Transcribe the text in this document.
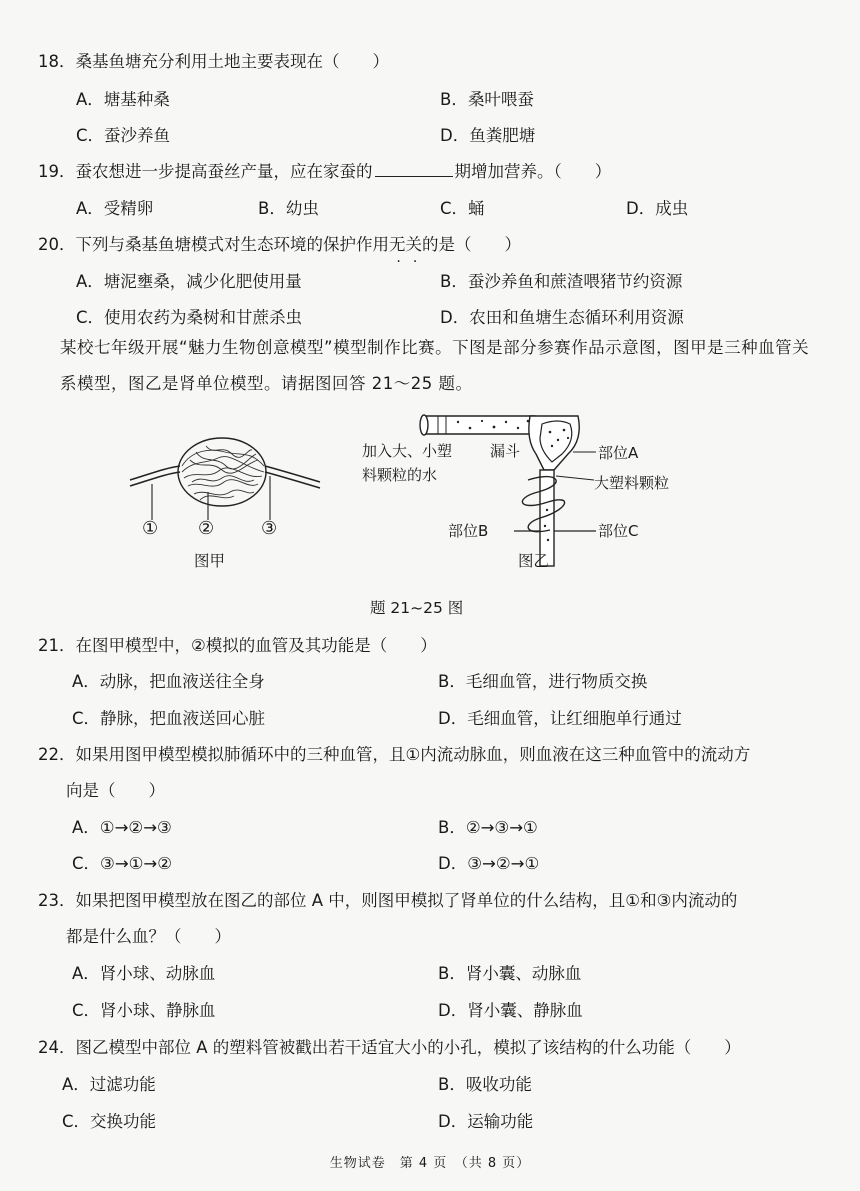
18．桑基鱼塘充分利用土地主要表现在（　　）
A．塘基种桑	B．桑叶喂蚕
C．蚕沙养鱼	D．鱼粪肥塘
19．蚕农想进一步提高蚕丝产量，应在家蚕的	期增加营养。（　　）
A．受精卵	B．幼虫	C．蛹	D．成虫
20．下列与桑基鱼塘模式对生态环境的保护作用无关的是（　　）
A．塘泥壅桑，减少化肥使用量	B．蚕沙养鱼和蔗渣喂猪节约资源
C．使用农药为桑树和甘蔗杀虫	D．农田和鱼塘生态循环利用资源
某校七年级开展“魅力生物创意模型”模型制作比赛。下图是部分参赛作品示意图，图甲是三种血管关系模型，图乙是肾单位模型。请据图回答 21～25 题。
① ②	③
图甲
加入大、小塑
料颗粒的水
漏斗	部位A
大塑料颗粒
部位B	部位C
图乙
题 21~25 图
21．在图甲模型中，②模拟的血管及其功能是（　　）
A．动脉，把血液送往全身	B．毛细血管，进行物质交换
C．静脉，把血液送回心脏	D．毛细血管，让红细胞单行通过
22．如果用图甲模型模拟肺循环中的三种血管，且①内流动脉血，则血液在这三种血管中的流动方
向是（　　）
A．①→②→③	B．②→③→①
C．③→①→②	D．③→②→①
23．如果把图甲模型放在图乙的部位 A 中，则图甲模拟了肾单位的什么结构，且①和③内流动的
都是什么血？（　　）
A．肾小球、动脉血	B．肾小囊、动脉血
C．肾小球、静脉血	D．肾小囊、静脉血
24．图乙模型中部位 A 的塑料管被戳出若干适宜大小的小孔，模拟了该结构的什么功能（　　）
A．过滤功能	B．吸收功能
C．交换功能	D．运输功能
生物试卷　第 4 页　（共 8 页）
